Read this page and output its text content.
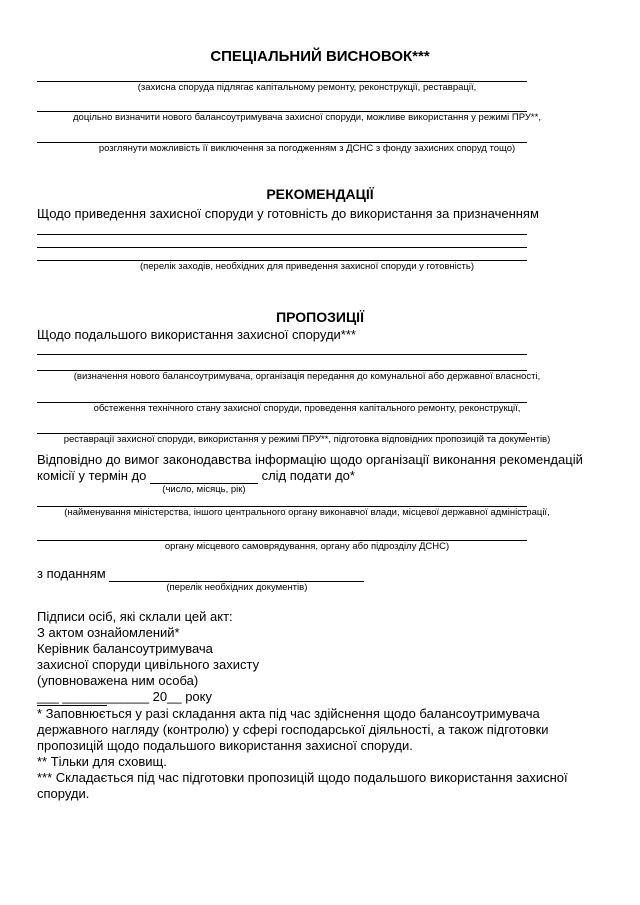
СПЕЦІАЛЬНИЙ ВИСНОВОК***
(захисна споруда підлягає капітальному ремонту, реконструкції, реставрації,
доцільно визначити нового балансоутримувача захисної споруди, можливе використання у режимі ПРУ**,
розглянути можливість її виключення за погодженням з ДСНС з фонду захисних споруд тощо)
РЕКОМЕНДАЦІЇ
Щодо приведення захисної споруди у готовність до використання за призначенням
(перелік заходів, необхідних для приведення захисної споруди у готовність)
ПРОПОЗИЦІЇ
Щодо подальшого використання захисної споруди***
(визначення нового балансоутримувача, організація передання до комунальної або державної власності,
обстеження технічного стану захисної споруди, проведення капітального ремонту, реконструкції,
реставрації захисної споруди, використання у режимі ПРУ**, підготовка відповідних пропозицій та документів)
Відповідно до вимог законодавства інформацію щодо організації виконання рекомендацій комісії у термін до
(число, місяць, рік)
слід подати до*
(найменування міністерства, іншого центрального органу виконавчої влади, місцевої державної адміністрації,
органу місцевого самоврядування, органу або підрозділу ДСНС)
з поданням
(перелік необхідних документів)
Підписи осіб, які склали цей акт:
З актом ознайомлений*
Керівник балансоутримувача
захисної споруди цивільного захисту
(уповноважена ним особа)
___ ____________ 20__ року
* Заповнюється у разі складання акта під час здійснення щодо балансоутримувача державного нагляду (контролю) у сфері господарської діяльності, а також підготовки пропозицій щодо подальшого використання захисної споруди.
** Тільки для сховищ.
*** Складається під час підготовки пропозицій щодо подальшого використання захисної споруди.
